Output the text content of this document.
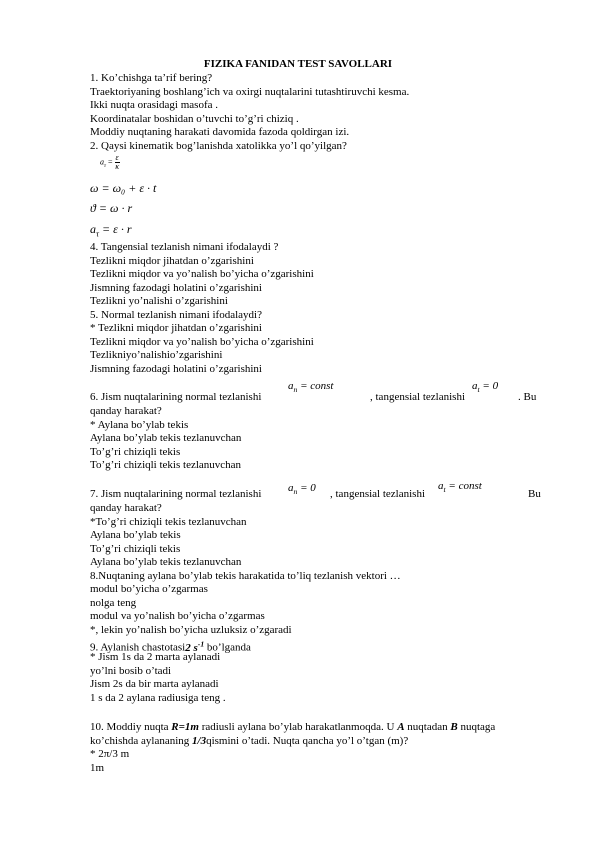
FIZIKA FANIDAN TEST SAVOLLARI
1. Ko’chishga ta’rif bering?
Traektoriyaning boshlang’ich va oxirgi nuqtalarini tutashtiruvchi kesma.
Ikki nuqta orasidagi masofa .
Koordinatalar boshidan o’tuvchi to’g’ri chiziq .
Moddiy nuqtaning harakati davomida fazoda qoldirgan izi.
2. Qaysi kinematik bog’lanishda xatolikka yo’l qo’yilgan?
$a_\tau = \frac{\varepsilon}{\kappa}$
ω = ω₀ + ε · t
ϑ = ω · r
$a_\tau = \varepsilon \cdot r$
4. Tangensial tezlanish nimani ifodalaydi ?
Tezlikni miqdor jihatdan o’zgarishini
Tezlikni miqdor va yo’nalish bo’yicha o’zgarishini
Jismning fazodagi holatini o’zgarishini
Tezlikni yo’nalishi o’zgarishini
5. Normal tezlanish nimani ifodalaydi?
* Tezlikni miqdor jihatdan o’zgarishini
Tezlikni miqdor va yo’nalish bo’yicha o’zgarishini
Tezlikniyo’nalishio’zgarishini
Jismning fazodagi holatini o’zgarishini
6. Jism nuqtalarining normal tezlanishi
$a_n$ = const
, tangensial tezlanishi
$a_t = 0$
. Bu
qanday harakat?
* Aylana bo’ylab tekis
Aylana bo’ylab tekis tezlanuvchan
To’g’ri chiziqli tekis
To’g’ri chiziqli tekis tezlanuvchan
7. Jism nuqtalarining normal tezlanishi $a_n = 0$ , tangensial tezlanishi
$a_t$ = const
Bu
qanday harakat?
*To’g’ri chiziqli tekis tezlanuvchan
Aylana bo’ylab tekis
To’g’ri chiziqli tekis
Aylana bo’ylab tekis tezlanuvchan
8.Nuqtaning aylana bo’ylab tekis harakatida to’liq tezlanish vektori …
modul bo’yicha o’zgarmas
nolga teng
modul va yo’nalish bo’yicha o’zgarmas
*, lekin yo’nalish bo’yicha uzluksiz o’zgaradi
9. Aylanish chastotasi2 $s^{-1}$ bo’lganda
* Jism 1s da 2 marta aylanadi
yo’lni bosib o’tadi
Jism 2s da bir marta aylanadi
1 s da 2 aylana radiusiga teng .
10. Moddiy nuqta R=1m radiusli aylana bo’ylab harakatlanmoqda. U A nuqtadan B nuqtaga
ko’chishda aylananing 1/3qismini o’tadi. Nuqta qancha yo’l o’tgan (m)?
* 2π/3 m
1m
